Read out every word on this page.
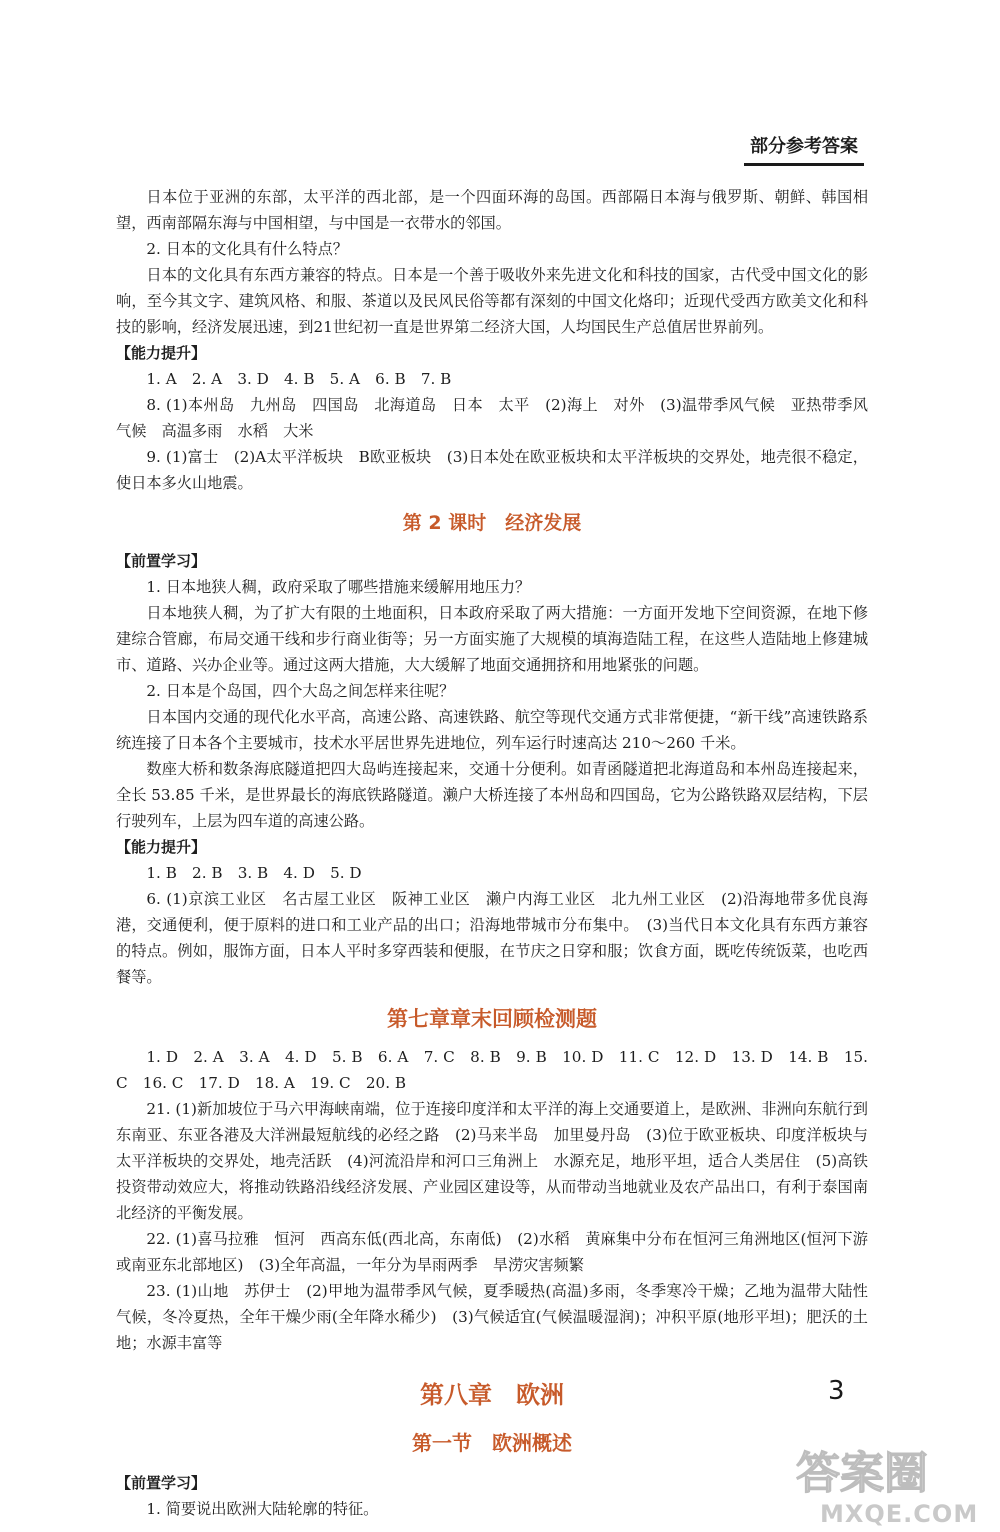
部分参考答案

日本位于亚洲的东部，太平洋的西北部，是一个四面环海的岛国。西部隔日本海与俄罗斯、朝鲜、韩国相望，西南部隔东海与中国相望，与中国是一衣带水的邻国。

2. 日本的文化具有什么特点？

日本的文化具有东西方兼容的特点。日本是一个善于吸收外来先进文化和科技的国家，古代受中国文化的影响，至今其文字、建筑风格、和服、茶道以及民风民俗等都有深刻的中国文化烙印；近现代受西方欧美文化和科技的影响，经济发展迅速，到21世纪初一直是世界第二经济大国，人均国民生产总值居世界前列。

【能力提升】

1. A　2. A　3. D　4. B　5. A　6. B　7. B

8. (1)本州岛　九州岛　四国岛　北海道岛　日本　太平　(2)海上　对外　(3)温带季风气候　亚热带季风气候　高温多雨　水稻　大米

9. (1)富士　(2)A太平洋板块　B欧亚板块　(3)日本处在欧亚板块和太平洋板块的交界处，地壳很不稳定，使日本多火山地震。

第 2 课时　经济发展

【前置学习】

1. 日本地狭人稠，政府采取了哪些措施来缓解用地压力？

日本地狭人稠，为了扩大有限的土地面积，日本政府采取了两大措施：一方面开发地下空间资源，在地下修建综合管廊，布局交通干线和步行商业街等；另一方面实施了大规模的填海造陆工程，在这些人造陆地上修建城市、道路、兴办企业等。通过这两大措施，大大缓解了地面交通拥挤和用地紧张的问题。

2. 日本是个岛国，四个大岛之间怎样来往呢？

日本国内交通的现代化水平高，高速公路、高速铁路、航空等现代交通方式非常便捷，“新干线”高速铁路系统连接了日本各个主要城市，技术水平居世界先进地位，列车运行时速高达 210～260 千米。

数座大桥和数条海底隧道把四大岛屿连接起来，交通十分便利。如青函隧道把北海道岛和本州岛连接起来，全长 53.85 千米，是世界最长的海底铁路隧道。濑户大桥连接了本州岛和四国岛，它为公路铁路双层结构，下层行驶列车，上层为四车道的高速公路。

【能力提升】

1. B　2. B　3. B　4. D　5. D

6. (1)京滨工业区　名古屋工业区　阪神工业区　濑户内海工业区　北九州工业区　(2)沿海地带多优良海港，交通便利，便于原料的进口和工业产品的出口；沿海地带城市分布集中。　(3)当代日本文化具有东西方兼容的特点。例如，服饰方面，日本人平时多穿西装和便服，在节庆之日穿和服；饮食方面，既吃传统饭菜，也吃西餐等。

第七章章末回顾检测题

1. D　2. A　3. A　4. D　5. B　6. A　7. C　8. B　9. B　10. D　11. C　12. D　13. D　14. B　15. C　16. C　17. D　18. A　19. C　20. B

21. (1)新加坡位于马六甲海峡南端，位于连接印度洋和太平洋的海上交通要道上，是欧洲、非洲向东航行到东南亚、东亚各港及大洋洲最短航线的必经之路　(2)马来半岛　加里曼丹岛　(3)位于欧亚板块、印度洋板块与太平洋板块的交界处，地壳活跃　(4)河流沿岸和河口三角洲上　水源充足，地形平坦，适合人类居住　(5)高铁投资带动效应大，将推动铁路沿线经济发展、产业园区建设等，从而带动当地就业及农产品出口，有利于泰国南北经济的平衡发展。

22. (1)喜马拉雅　恒河　西高东低(西北高，东南低)　(2)水稻　黄麻集中分布在恒河三角洲地区(恒河下游或南亚东北部地区)　(3)全年高温，一年分为旱雨两季　旱涝灾害频繁

23. (1)山地　苏伊士　(2)甲地为温带季风气候，夏季暖热(高温)多雨，冬季寒冷干燥；乙地为温带大陆性气候，冬冷夏热，全年干燥少雨(全年降水稀少)　(3)气候适宜(气候温暖湿润)；冲积平原(地形平坦)；肥沃的土地；水源丰富等

第八章　欧洲

第一节　欧洲概述

【前置学习】

1. 简要说出欧洲大陆轮廓的特征。

3
答案圈
MXQE.COM
